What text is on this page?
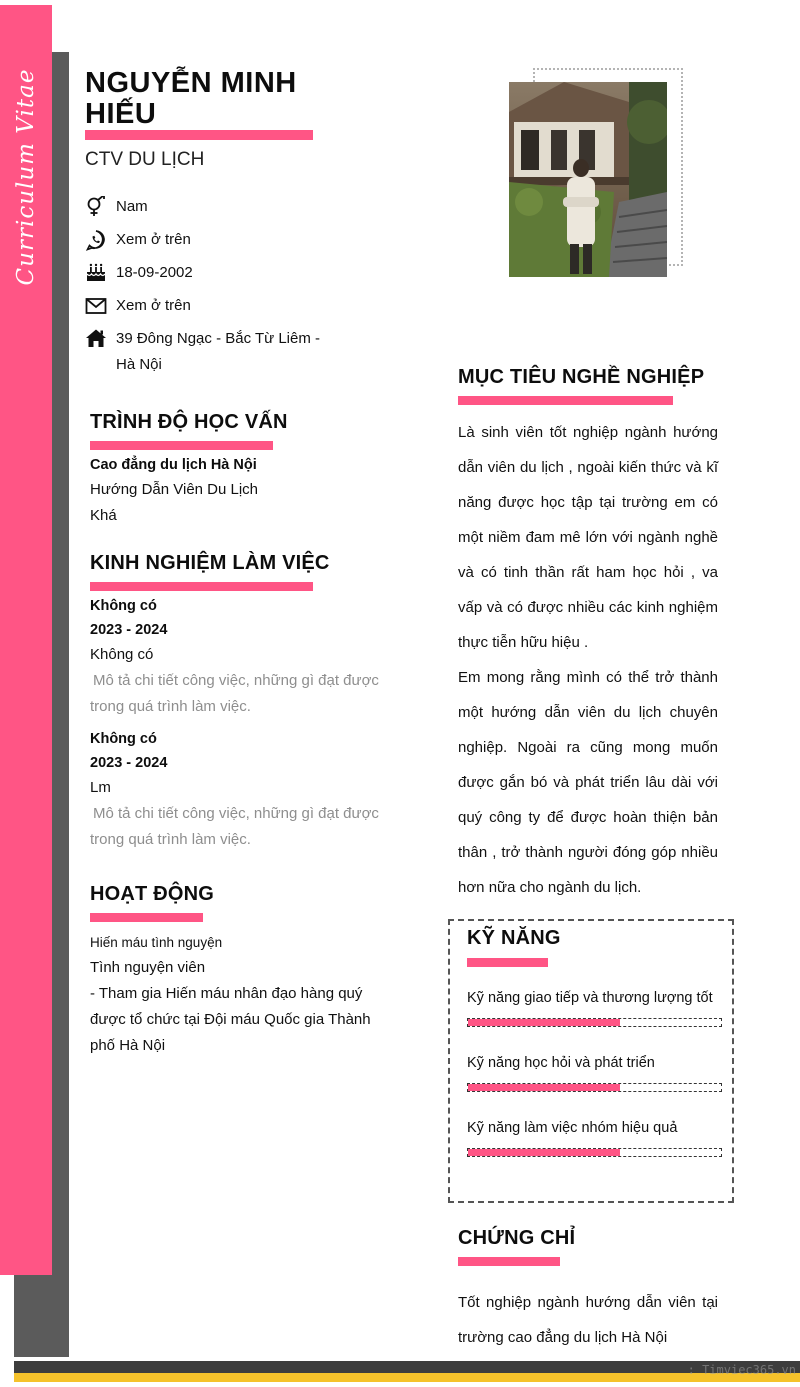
Curriculum Vitae NGUYỄN MINH HIẾU
CTV DU LỊCH
Nam
Xem ở trên
18-09-2002
Xem ở trên
39 Đông Ngạc - Bắc Từ Liêm - Hà Nội
TRÌNH ĐỘ HỌC VẤN
Cao đẳng du lịch Hà Nội
Hướng Dẫn Viên Du Lịch
Khá
KINH NGHIỆM LÀM VIỆC
Không có
2023 - 2024
Không có
Mô tả chi tiết công việc, những gì đạt được trong quá trình làm việc.
Không có
2023 - 2024
Lm
Mô tả chi tiết công việc, những gì đạt được trong quá trình làm việc.
HOẠT ĐỘNG
Hiến máu tình nguyện
Tình nguyện viên
- Tham gia Hiến máu nhân đạo hàng quý được tổ chức tại Đội máu Quốc gia Thành phố Hà Nội
MỤC TIÊU NGHỀ NGHIỆP
Là sinh viên tốt nghiệp ngành hướng dẫn viên du lịch , ngoài kiến thức và kĩ năng được học tập tại trường em có một niềm đam mê lớn với ngành nghề và có tinh thần rất ham học hỏi , va vấp và có được nhiều các kinh nghiệm thực tiễn hữu hiệu .
Em mong rằng mình có thể trở thành một hướng dẫn viên du lịch chuyên nghiệp. Ngoài ra cũng mong muốn được gắn bó và phát triển lâu dài với quý công ty để được hoàn thiện bản thân , trở thành người đóng góp nhiều hơn nữa cho ngành du lịch.
KỸ NĂNG
Kỹ năng giao tiếp và thương lượng tốt
Kỹ năng học hỏi và phát triển
Kỹ năng làm việc nhóm hiệu quả
CHỨNG CHỈ
Tốt nghiệp ngành hướng dẫn viên tại trường cao đẳng du lịch Hà Nội
: Timviec365.vn
